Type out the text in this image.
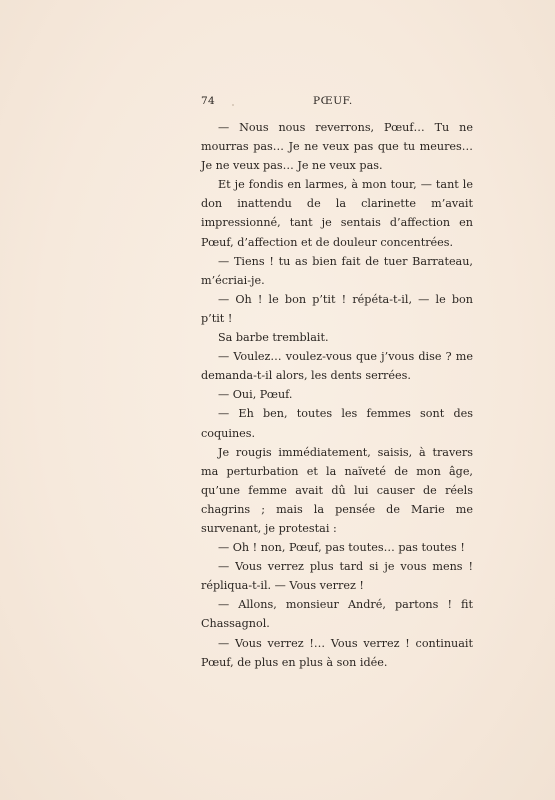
74	PŒUF.

— Nous nous reverrons, Pœuf… Tu ne mourras pas… Je ne veux pas que tu meures… Je ne veux pas… Je ne veux pas.

Et je fondis en larmes, à mon tour, — tant le don inattendu de la clarinette m’avait impressionné, tant je sentais d’affection en Pœuf, d’affection et de douleur concentrées.

— Tiens ! tu as bien fait de tuer Barrateau, m’écriai-je.

— Oh ! le bon p’tit ! répéta-t-il, — le bon p’tit !

Sa barbe tremblait.

— Voulez… voulez-vous que j’vous dise ? me demanda-t-il alors, les dents serrées.

— Oui, Pœuf.

— Eh ben, toutes les femmes sont des coquines.

Je rougis immédiatement, saisis, à travers ma perturbation et la naïveté de mon âge, qu’une femme avait dû lui causer de réels chagrins ; mais la pensée de Marie me survenant, je protestai :

— Oh ! non, Pœuf, pas toutes… pas toutes !

— Vous verrez plus tard si je vous mens ! répliqua-t-il. — Vous verrez !

— Allons, monsieur André, partons ! fit Chassagnol.

— Vous verrez !… Vous verrez ! continuait Pœuf, de plus en plus à son idée.
